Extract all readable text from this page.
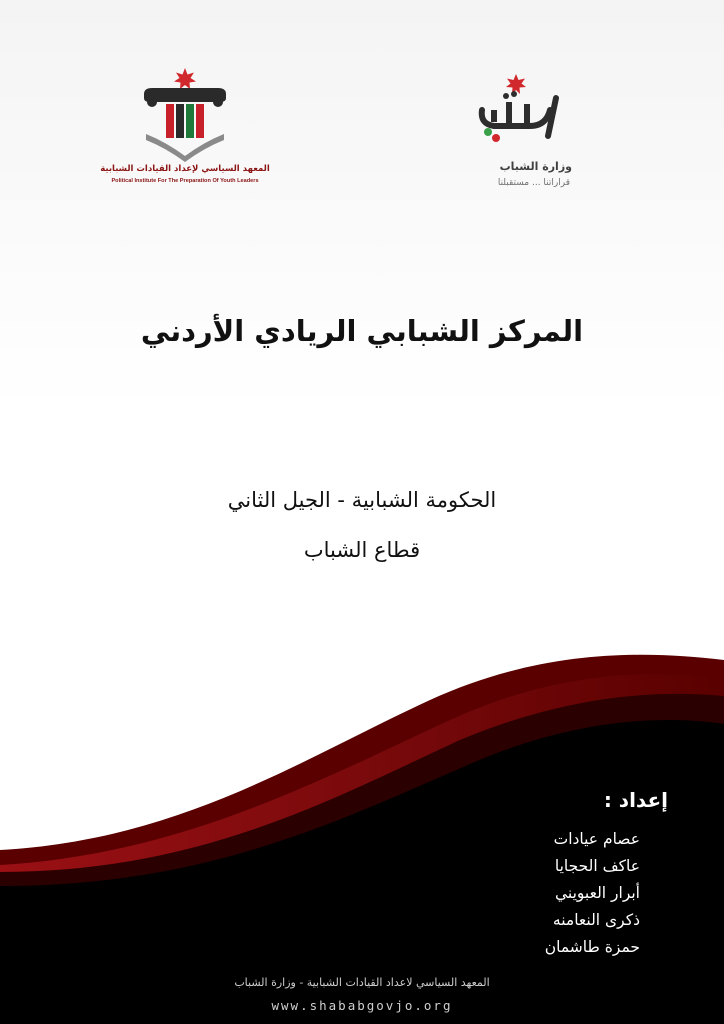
المعهد السياسي لإعداد القيادات الشبابية
Political Institute For The Preparation Of Youth Leaders
وزارة الشباب
قراراتنا ... مستقبلنا
المركز الشبابي الريادي الأردني
الحكومة الشبابية - الجيل الثاني
قطاع الشباب
إعداد :
عصام عيادات
عاكف الحجايا
أبرار العبويني
ذكرى النعامنه
حمزة طاشمان
المعهد السياسي لاعداد القيادات الشبابية - وزارة الشباب
www.shababgovjo.org
